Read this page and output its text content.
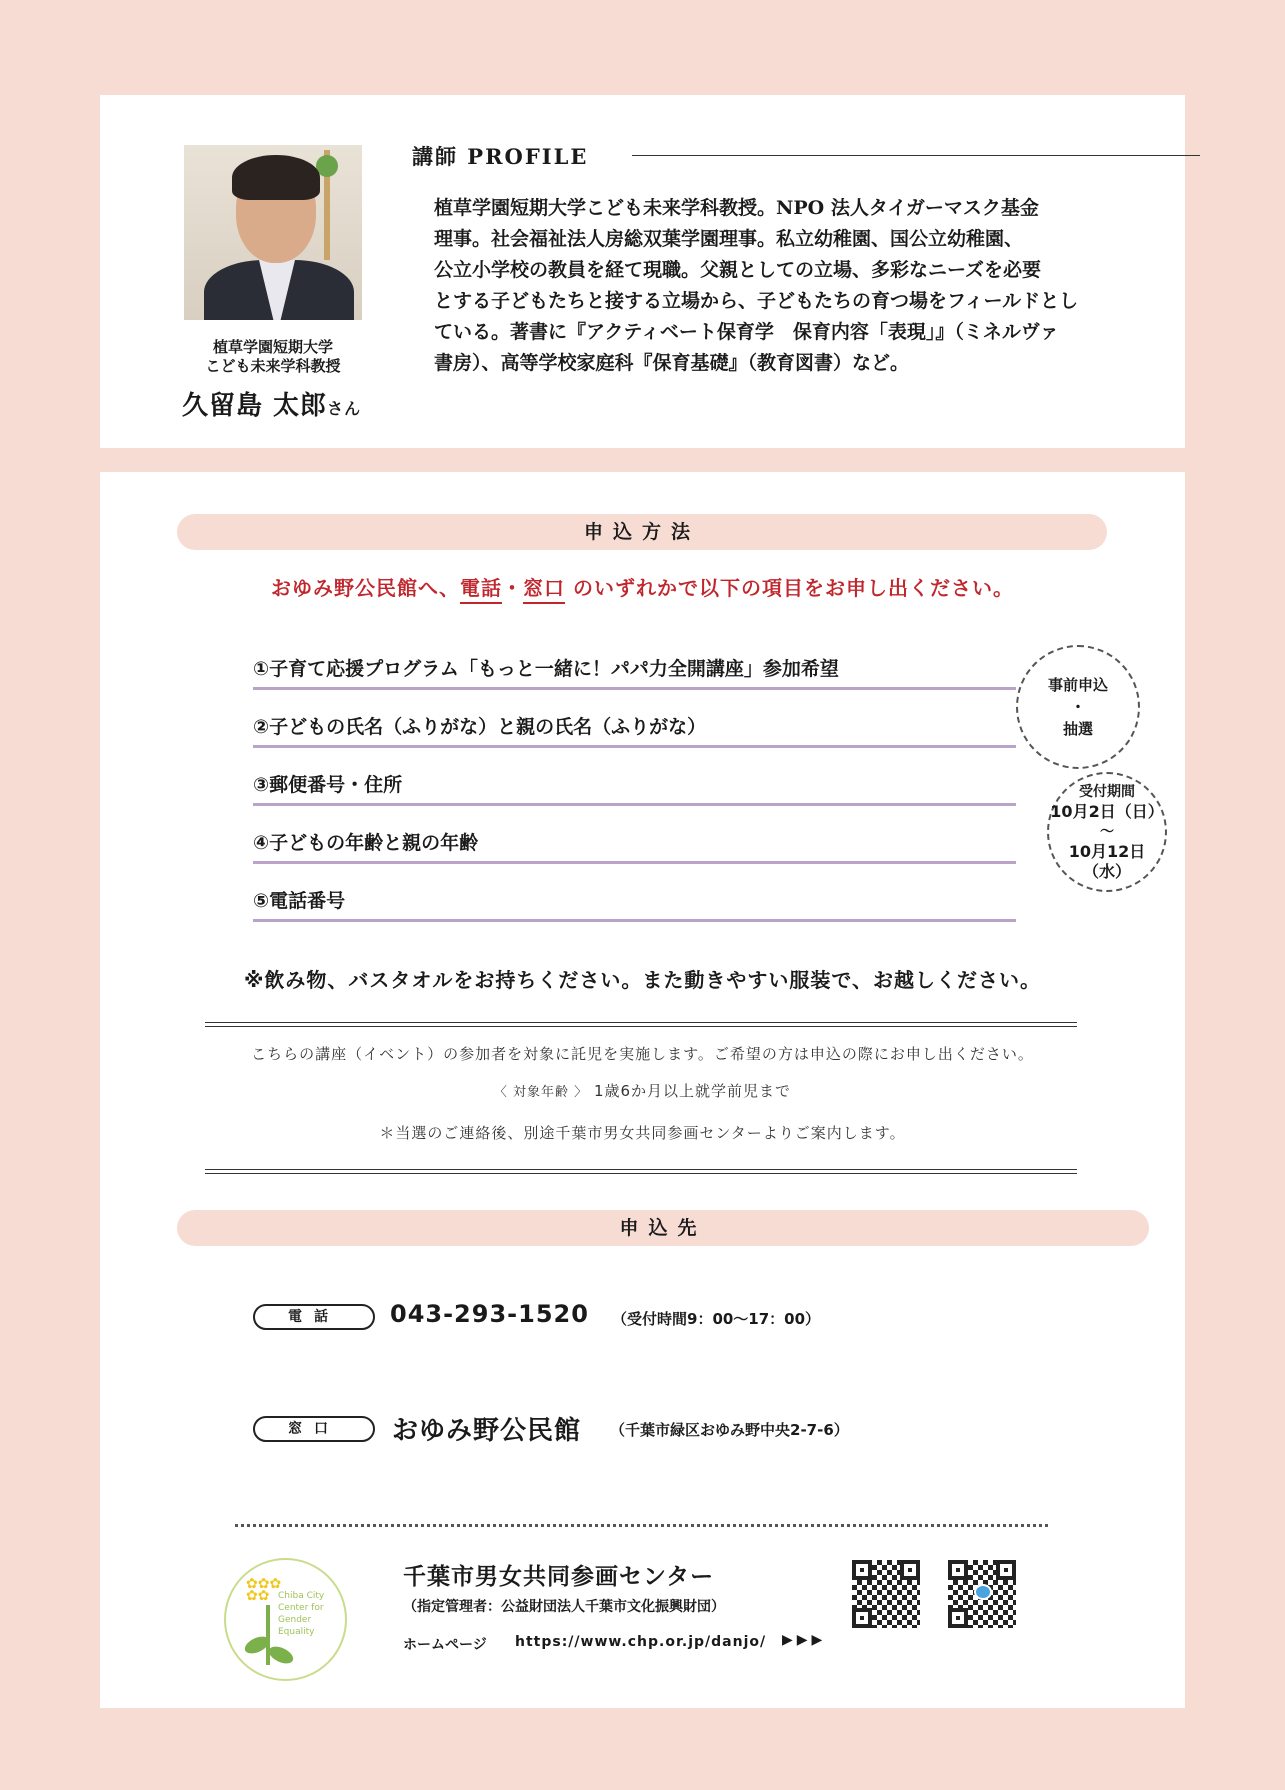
植草学園短期大学
こども未来学科教授
久留島 太郎さん
講師 PROFILE
植草学園短期大学こども未来学科教授。NPO 法人タイガーマスク基金
理事。社会福祉法人房総双葉学園理事。私立幼稚園、国公立幼稚園、
公立小学校の教員を経て現職。父親としての立場、多彩なニーズを必要
とする子どもたちと接する立場から、子どもたちの育つ場をフィールドとし
ている。著書に『アクティベート保育学　保育内容「表現」』（ミネルヴァ
書房）、高等学校家庭科『保育基礎』（教育図書）など。
申込方法
おゆみ野公民館へ、電話・窓口 のいずれかで以下の項目をお申し出ください。
①子育て応援プログラム「もっと一緒に！パパ力全開講座」参加希望
②子どもの氏名（ふりがな）と親の氏名（ふりがな）
③郵便番号・住所
④子どもの年齢と親の年齢
⑤電話番号
事前申込
・
抽選
受付期間
10月2日（日）
〜
10月12日（水）
※飲み物、バスタオルをお持ちください。また動きやすい服装で、お越しください。
こちらの講座（イベント）の参加者を対象に託児を実施します。ご希望の方は申込の際にお申し出ください。
〈 対象年齢 〉 1歳6か月以上就学前児まで
＊当選のご連絡後、別途千葉市男女共同参画センターよりご案内します。
申込先
電話	043-293-1520 （受付時間9：00〜17：00）
窓口	おゆみ野公民館 （千葉市緑区おゆみ野中央2-7-6）
✿✿✿
✿✿ Chiba City Center for Gender Equality
千葉市男女共同参画センター
（指定管理者：公益財団法人千葉市文化振興財団）
ホームページ https://www.chp.or.jp/danjo/ ▶▶▶
